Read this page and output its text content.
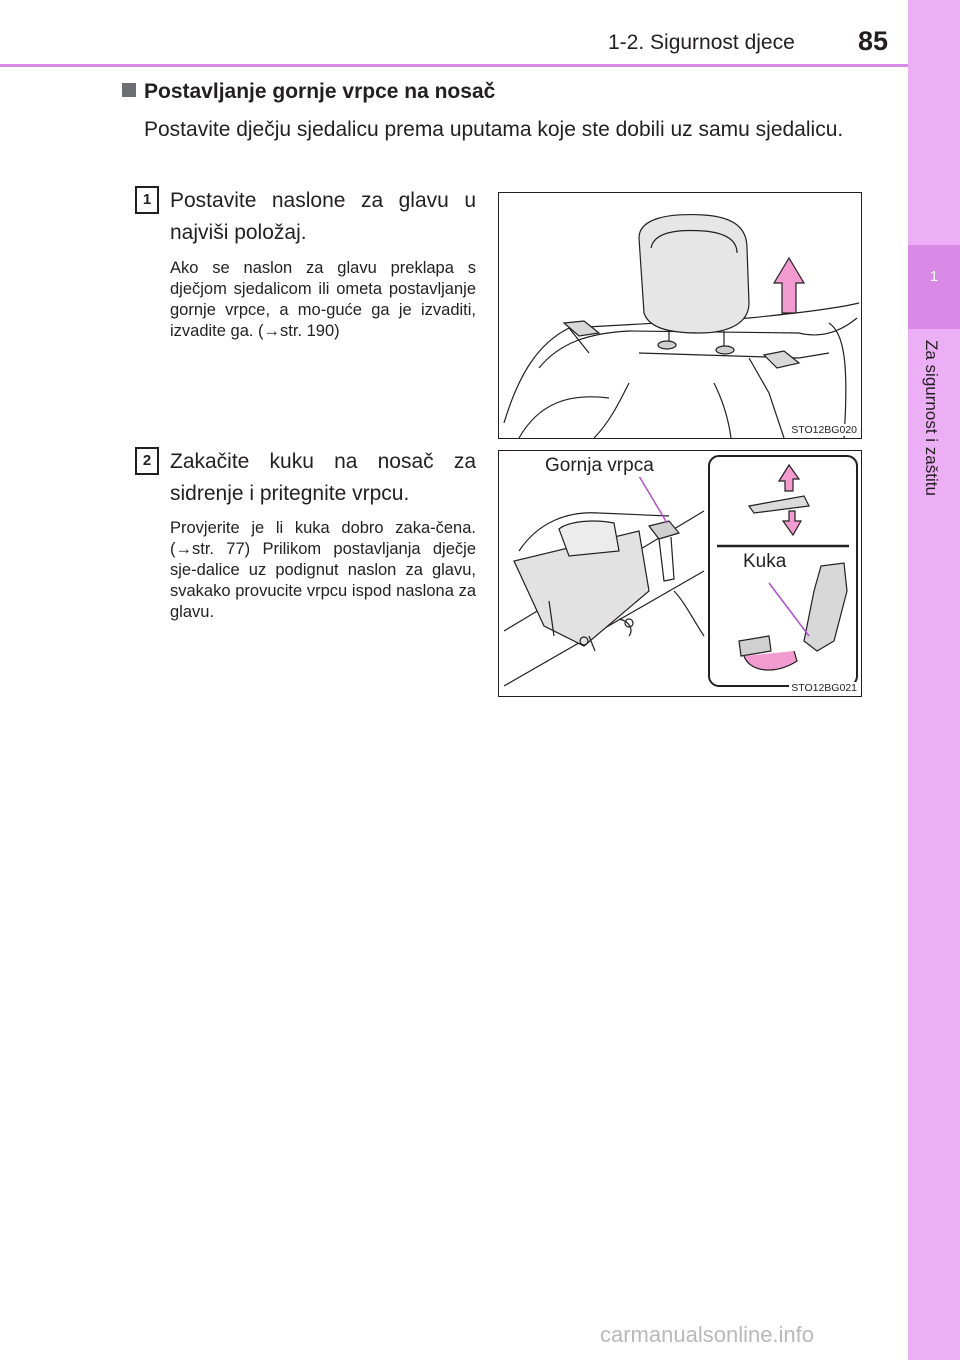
1
Za sigurnost i zaštitu
1-2. Sigurnost djece 85
Postavljanje gornje vrpce na nosač
Postavite dječju sjedalicu prema uputama koje ste dobili uz samu sjedalicu.
1 Postavite naslone za glavu u najviši položaj.
Ako se naslon za glavu preklapa s dječjom sjedalicom ili ometa postavljanje gornje vrpce, a mo-guće ga je izvaditi, izvadite ga. (→str. 190)
STO12BG020
2 Zakačite kuku na nosač za sidrenje i pritegnite vrpcu.
Provjerite je li kuka dobro zaka-čena. (→str. 77) Prilikom postavljanja dječje sje-dalice uz podignut naslon za glavu, svakako provucite vrpcu ispod naslona za glavu.
Gornja vrpca
Kuka
STO12BG021
carmanualsonline.info
